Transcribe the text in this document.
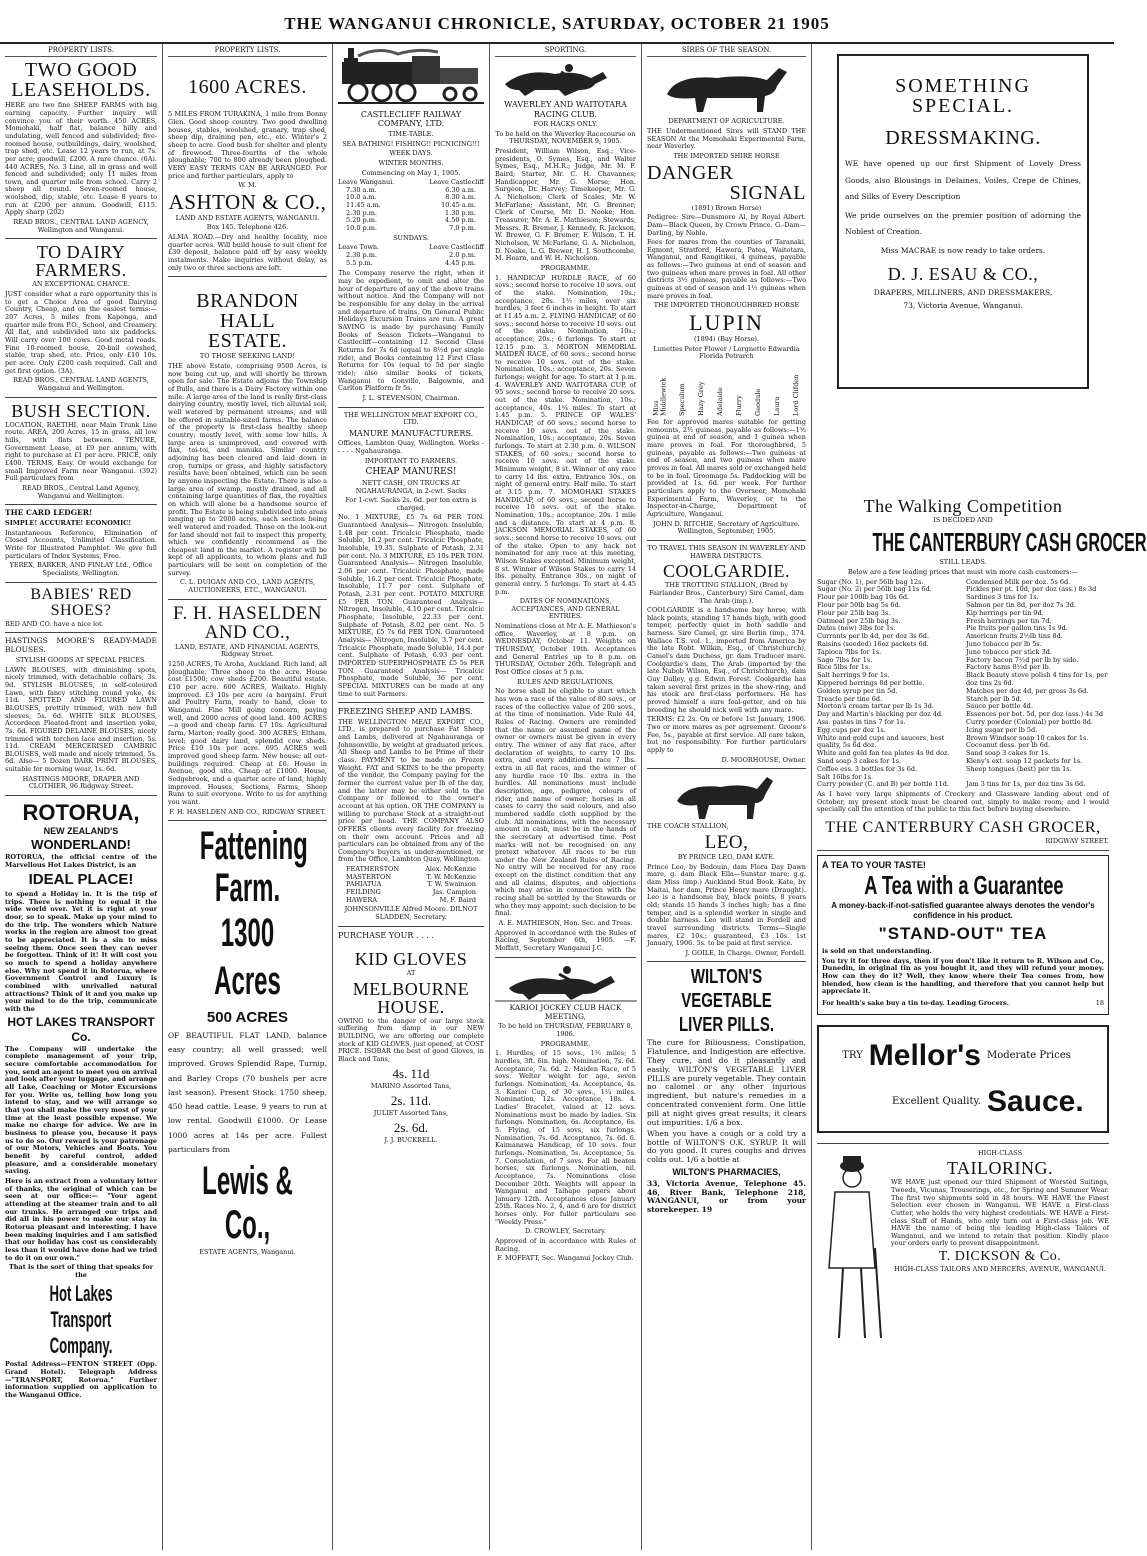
THE WANGANUI CHRONICLE, SATURDAY, OCTOBER 21 1905
PROPERTY LISTS.
TWO GOOD LEASEHOLDS.
HERE are two fine SHEEP FARMS with big earning capacity. Further inquiry will convince you of their worth. 450 ACRES, Momohaki, half flat, balance hilly and undulating, well fenced and subdivided; five-roomed house, outbuildings, dairy, woolshed, trap shed, etc. Lease 12 years to run, at 7s. per acre; goodwill, £200. A rare chance. (6A). 440 ACRES, No. 3 Line, all in grass and well fenced and subdivided; only 11 miles from town, and quarter mile from school. Carry 2 sheep all round. Seven-roomed house, woolshed, dip, stable, etc. Lease 8 years to run at £200 per annum. Goodwill, £115. Apply sharp (202)
READ BROS., CENTRAL LAND AGENCY, Wellington and Wanganui.
TO DAIRY FARMERS.
AN EXCEPTIONAL CHANCE.
JUST consider what a rare opportunity this is to get a Choice Area of good Dairying Country, Cheap, and on the easiest terms:—207 Acres, 5 miles from Kaponga, and quarter mile from P.O., School, and Creamery. All flat, and subdivided into six paddocks. Will carry over 100 cows. Good metal roads. Fine 10-roomed house, 20-bail cowshed, stable, trap shed, etc. Price, only £10 10s. per acre. Only £200 cash required. Call and get first option. (3A).
READ BROS., CENTRAL LAND AGENTS, Wanganui and Wellington.
BUSH SECTION.
LOCATION, RAETIHI, near Main Trunk Line route. AREA, 200 Acres, 15 in grass, all low hills, with flats between. TENURE, Government Lease, at £9 per annum, with right to purchase at £1 per acre. PRICE, only £400. TERMS, Easy. Or would exchange for small Improved Farm near Wanganui. (392) Full particulars from
READ BROS., Central Land Agency, Wanganui and Wellington.
THE CARD LEDGER!
SIMPLE! ACCURATE! ECONOMIC!
Instantaneous Reference, Elimination of Closed Accounts, Unlimited Classification. Write for Illustrated Pamphlet. We give full particulars of Index Systems, Free.
YEREX, BARKER, AND FINLAY Ltd., Office Specialists, Wellington.
BABIES' RED SHOES?
RED AND CO. have a nice lot.
HASTINGS MOORE'S READY-MADE BLOUSES.
STYLISH GOODS AT SPECIAL PRICES.
LAWN BLOUSES, with diminishing spots, nicely trimmed, with detachable collars, 3s. 9d. STYLISH BLOUSES, in self-coloured Lawn, with fancy stitching round yoke, 4s. 11d. SPOTTED AND FIGURED LAWN BLOUSES, prettily trimmed, with new full sleeves, 5s. 6d. WHITE SILK BLOUSES, Accordeon Pleated-front and insertion yoke, 7s. 6d. FIGURED DELAINE BLOUSES, nicely trimmed with torchon lace and insertion, 5s. 11d. CREAM MERCERISED CAMBRIC BLOUSES, well made and nicely trimmed, 5s. 6d. Also— 5 Dozen DARK PRINT BLOUSES, suitable for morning wear, 1s. 6d.
HASTINGS MOORE, DRAPER AND CLOTHIER, 96 Ridgway Street.
ROTORUA,
NEW ZEALAND'S
WONDERLAND!
ROTORUA, the official centre of the Marvellous Hot Lakes District, is an
IDEAL PLACE!
to spend a Holiday in. It is the trip of trips. There is nothing to equal it the wide world over. Yet it is right at your door, so to speak. Make up your mind to do the trip. The wonders which Nature works in the region are almost too great to be appreciated. It is a sin to miss seeing them. Once seen they can never be forgotten. Think of it! It will cost you so much to spend a holiday anywhere else. Why not spend it in Rotorua, where Government Control and Luxury is combined with unrivalled natural attractions? Think of it and you make up your mind to do the trip, communicate with the
HOT LAKES TRANSPORT Co.
The Company will undertake the complete management of your trip, secure comfortable accommodation for you, send an agent to meet you on arrival and look after your luggage, and arrange all Lake, Coaching or Motor Excursions for you. Write us, telling how long you intend to stay, and we will arrange so that you shall make the very most of your time at the least possible expense. We make no charge for advice. We are in business to please you, because it pays us to do so. Our reward is your patronage of our Motors, Vehicles and Boats. You benefit by careful control, added pleasure, and a considerable monetary saving.
Here is an extract from a voluntary letter of thanks, the original of which can be seen at our office:— "Your agent attending at the steamer train and to all our trunks. He arranged our trips and did all in his power to make our stay in Rotorua pleasant and interesting. I have been making inquiries and I am satisfied that our holiday has cost us considerably less than it would have done had we tried to do it on our own."
That is the sort of thing that speaks for the
Hot Lakes Transport
Company.
Postal Address—FENTON STREET (Opp. Grand Hotel). Telegraph Address—"TRANSPORT, Rotorua." Further information supplied on application to the Wanganui Office.
PROPERTY LISTS.
1600 ACRES.
5 MILES FROM TURAKINA, 1 mile from Bonny Glen. Good sheep country. Two good dwelling houses, stables, woolshed, granary, trap shed, sheep dip, draining pen, etc., etc. Winter's 2 sheep to acre. Good bush for shelter and plenty of firewood. Three-fourths of the whole ploughable; 700 to 800 already been ploughed. VERY EASY TERMS CAN BE ARRANGED. For price and further particulars, apply to
W. M.
ASHTON & CO.,
LAND AND ESTATE AGENTS, WANGANUI.
Box 145. Telephone 426.
ALMA ROAD.—Dry and healthy locality, nice quarter acres. Will build house to suit client for £30 deposit, balance paid off by easy weekly instalments. Make inquiries without delay, as only two or three sections are left.
BRANDON
HALL
ESTATE.
TO THOSE SEEKING LAND!
THE above Estate, comprising 9500 Acres, is now being cut up, and will shortly be thrown open for sale. The Estate adjoins the Township of Bulls, and there is a Dairy Factory within one mile. A large area of the land is really first-class dairying country, mostly level, rich alluvial soil, well watered by permanent streams, and will be offered in suitable-sized farms. The balance of the property is first-class healthy sheep country; mostly level, with some low hills. A large area is unimproved, and covered with flax, toi-toi, and manuka. Similar country adjoining has been cleared and laid down in crop, turnips or grass, and highly satisfactory results have been obtained, which can be seen by anyone inspecting the Estate. There is also a large area of swamp, mostly drained, and all containing large quantities of flax, the royalties on which will alone be a handsome source of profit. The Estate is being subdivided into areas ranging up to 2000 acres, each section being well watered and roaded. Those on the look-out for land should not fail to inspect this property, which we confidently recommend as the cheapest land in the market. A register will be kept of all applicants, to whom plans and full particulars will be sent on completion of the survey.
C. L. DUIGAN AND CO., LAND AGENTS, AUCTIONEERS, ETC., WANGANUI.
F. H. HASELDEN AND CO.,
LAND, ESTATE, AND FINANCIAL AGENTS, Ridgway Street.
1250 ACRES, Te Aroha, Auckland. Rich land, all ploughable. Three sheep to the acre. House cost £1500; cow sheds £200. Beautiful estate. £10 per acre. 600 ACRES, Waikato. Highly improved. £3 10s per acre (a bargain). Fruit and Poultry Farm, ready to hand, close to Wanganui. Fine Mill going concern, paying well, and 2000 acres of good land. 400 ACRES—a good and cheap farm. £7 10s. Agricultural farm, Marton; really good. 300 ACRES, Eltham, level; good dairy land, splendid cow sheds. Price £10 10s per acre. 695 ACRES well improved good sheep farm. New house; all out-buildings required. Cheap at £6. House in Avenue, good site. Cheap at £1000. House, Sedgebrook, and a quarter acre of land, highly improved. Houses, Sections, Farms, Sheep Runs to suit everyone. Write to us for anything you want.
F. H. HASELDEN AND CO., RIDGWAY STREET.
Fattening
Farm.
1300 Acres
500 ACRES
OF BEAUTIFUL FLAT LAND, balance easy country; all well grassed; well improved. Grows Splendid Rape, Turnip, and Barley Crops (70 bushels per acre last season). Present Stock: 1750 sheep, 450 head cattle. Lease, 9 years to run at low rental. Goodwill £1000. Or Lease 1000 acres at 14s per acre. Fullest particulars from
Lewis & Co.,
ESTATE AGENTS, Wanganui.
CASTLECLIFF RAILWAY COMPANY, LTD.
TIME-TABLE.
SEA BATHING! FISHING!! PICNICING!!!
WEEK DAYS.
WINTER MONTHS.
Commencing on May 1, 1905.
Leave Wanganui.	Leave Castlecliff
7.30 a.m.	6.30 a.m.
10.0 a.m.	8.30 a.m.
11.45 a.m.	10.45 a.m.
2.30 p.m.	1.30 p.m.
5.20 p.m.	4.50 p.m.
10.0 p.m.	7.0 p.m.
SUNDAYS.
Leave Town.	Leave Castlecliff
2.30 p.m.	2.0 p.m.
5.5 p.m.	4.45 p.m.
The Company reserve the right, when it may be expedient, to omit and alter the hour of departure of any of the above trains without notice. And the Company will not be responsible for any delay in the arrival and departure of trains. On General Public Holidays Excursion Trains are run. A great SAVING is made by purchasing Family Books of Season Tickets—Wanganui to Castlecliff—containing 12 Second Class Returns for 7s 6d (equal to 8½d per single ride), and Books containing 12 First Class Returns for 10s (equal to 5d per single ride); also similar books of tickets, Wanganui to Gonville, Balgownie, and Carlton Platform fr 5s.
J. L. STEVENSON, Chairman.
THE WELLINGTON MEAT EXPORT CO., LTD.
MANURE MANUFACTURERS.
Offices, Lambton Quay, Wellington. Works - - - - - Ngahauranga.
IMPORTANT TO FARMERS.
CHEAP MANURES!
NETT CASH, ON TRUCKS AT NGAHAURANGA, in 2-cwt. Sacks
For 1-cwt. Sacks 2s. 6d. per ton extra is charged.
No. 1 MIXTURE, £5 7s 6d PER TON. Guaranteed Analysis— Nitrogen Insoluble, 1.48 per cent. Tricalcic Phosphate, made Soluble, 16.2 per cent. Tricalcic Phosphate, Insoluble, 19.35. Sulphate of Potash, 2.31 per cent. No. 3 MIXTURE, £5 10s PER TON. Guaranteed Analysis— Nitrogen Insoluble, 2.06 per cent. Tricalcic Phosphate, made Soluble, 16.2 per cent. Tricalcic Phosphate, Insoluble, 11.7 per cent. Sulphate of Potash, 2.31 per cent. POTATO MIXTURE £5 PER TON. Guaranteed Analysis— Nitrogen, Insoluble, 4.10 per cent. Tricalcic Phosphate, Insoluble, 22.33 per cent. Sulphate of Potash, 8.02 per cent. No. 5 MIXTURE, £5 7s 6d PER TON. Guaranteed Analysis— Nitrogen, Insoluble, 3.7 per cent. Tricalcic Phosphate, made Soluble, 14.4 per cent. Sulphate of Potash, 6.93 per cent. IMPORTED SUPERPHOSPHATE £5 5s PER TON. Guaranteed Analysis— Tricalcic Phosphate, made Soluble, 36 per cent. SPECIAL MIXTURES can be made at any time to suit Farmers.
FREEZING SHEEP AND LAMBS.
THE WELLINGTON MEAT EXPORT CO., LTD., is prepared to purchase Fat Sheep and Lambs, delivered at Ngahauranga or Johnsonville, by weight at graduated prices. All Sheep and Lambs to be Prime of their class. PAYMENT to be made on Frozen Weight. FAT and SKINS to be the property of the vendor, the Company paying for the former the current value per lb of the day, and the latter may be either sold to the Company or followed to the owner's account at his option. OR THE COMPANY is willing to purchase Stock at a straight-out price per head. THE COMPANY ALSO OFFERS clients every facility for freezing on their own account. Prices and all particulars can be obtained from any of the Company's buyers as under-mentioned, or from the Office, Lambton Quay, Wellington.
FEATHERSTON	Alex. McKenzie
MASTERTON	T. W. McKenzie
PAHIATUA	T. W. Swainson
FEILDING	Jas. Campion
HAWERA	M. F. Baird
JOHNSONVILLE Alfred Moore. DILNOT SLADDEN, Secretary.
PURCHASE YOUR . . . .
KID GLOVES
AT
MELBOURNE
HOUSE.
OWING to the danger of our large stock suffering from damp in our NEW BUILDING, we are offering our complete stock of KID GLOVES, just opened, at COST PRICE. ISOBAR the best of good Gloves, in Black and Tans,
4s. 11d
MARINO Assorted Tans,
2s. 11d.
JULIET Assorted Tans,
2s. 6d.
J. J. BUCKRELL.
SPORTING.
WAVERLEY AND WAITOTARA RACING CLUB.
FOR HACKS ONLY.
To be held on the Waverley Racecourse on THURSDAY, NOVEMBER 9, 1905.
President, William Wilson, Esq.; Vice-presidents, O. Symes, Esq., and Walter Symes, Esq., M.H.R.; Judge, Mr. M. F. Baird; Starter, Mr. C. H. Chavannes; Handicapper, Mr. G. Morse; Hon. Surgeon, Dr. Harvey; Timekeeper, Mr. G. A. Nicholson; Clerk of Scales, Mr. W. McFarlane; Assistant, Mr. G. Brenner; Clerk of Course, Mr. D. Nooke; Hon. Treasurer, Mr. A. E. Mathieson; Stewards, Messrs. R. Bremer, J. Kennedy, R. Jackson, W. Brewer, G. F. Bremer, F. Wilson, T. H. Nicholson, W. McFarlane, G. A. Nicholson, D. Noake, L. G. Brewer, H. J. Southcombe, M. Hearn, and W. H. Nicholson.
PROGRAMME.
1. HANDICAP HURDLE RACE, of 60 sovs.; second horse to receive 10 sovs. out of the stake. Nomination, 10s.; acceptance, 20s. 1½ miles, over six hurdles, 3 feet 6 inches in height. To start at 11.45 a.m. 2. FLYING HANDICAP, of 60 sovs.; second horse to receive 10 sovs. out of the stake. Nomination, 10s.; acceptance, 20s.; 6 furlongs. To start at 12.15 p.m. 3. MORTON MEMORIAL MAIDEN RACE, of 60 sovs.; second horse to receive 10 sovs. out of the stake. Nomination, 10s.; acceptance, 20s. Seven furlongs; weight for age. To start at 1 p.m. 4. WAVERLEY AND WAITOTARA CUP, of 95 sovs.; second horse to receive 20 sovs. out of the stake. Nomination, 10s.; acceptance, 40s. 1¼ miles. To start at 1.45 p.m. 5. PRINCE OF WALES' HANDICAP, of 60 sovs.; second horse to receive 10 sovs. out of the stake. Nomination, 10s.; acceptance, 20s. Seven furlongs. To start at 2.30 p.m. 6. WILSON STAKES, of 60 sovs.; second horse to receive 10 sovs. out of the stake. Minimum weight, 8 st. Winner of any race to carry 14 lbs. extra. Entrance 30s., on night of general entry. Half mile. To start at 3.15 p.m. 7. MOMOHAKI STAKES HANDICAP, of 60 sovs.; second horse to receive 10 sovs. out of the stake. Nomination, 10s.; acceptance, 20s. 1 mile and a distance. To start at 4 p.m. 8. JACKSON MEMORIAL STAKES, of 60 sovs.; second horse to receive 10 sovs. out of the stake. Open to any hack not nominated for any race at this meeting, Wilson Stakes excepted. Minimum weight, 8 st. Winner of Wilson Stakes to carry 14 lbs. penalty. Entrance 30s., on night of general entry. 5 furlongs. To start at 4.45 p.m.
DATES OF NOMINATIONS, ACCEPTANCES, AND GENERAL ENTRIES.
Nominations close at Mr A. E. Mathieson's office, Waverley, at 8 p.m. on WEDNESDAY, October 11. Weights on THURSDAY, October 19th. Acceptances and General Entries up to 8 p.m. on THURSDAY, October 26th. Telegraph and Post Office closes at 5 p.m.
RULES AND REGULATIONS.
No horse shall be eligible to start which has won a race of the value of 80 sovs., or races of the collective value of 200 sovs., at the time of nomination. Vide Rule 44, Rules of Racing. Owners are reminded that the name or assumed name of the owner or owners must be given in every entry. The winner of any flat race, after declaration of weights, to carry 10 lbs. extra, and every additional race 7 lbs. extra in all flat races, and the winner of any hurdle race 10 lbs. extra in the hurdles. All nominations must include description, age, pedigree, colours of rider, and name of owner; horses in all cases to carry the said colours, and also numbered saddle cloth supplied by the club. All nominations, with the necessary amount in cash, must be in the hands of the secretary at advertised time. Post marks will not be recognised on any pretext whatever. All races to be run under the New Zealand Rules of Racing. No entry will be received for any race except on the distinct condition that any and all claims, disputes, and objections which may arise in connection with the racing shall be settled by the Stewards or who they may appoint; such decision to be final.
A. E. MATHIESON, Hon. Sec. and Treas.
Approved in accordance with the Rules of Racing, September 6th, 1905. —F. Moffatt, Secretary Wanganui J.C.
KARIOI JOCKEY CLUB HACK MEETING,
To be held on THURSDAY, FEBRUARY 8, 1906.
PROGRAMME.
1. Hurdles, of 15 sovs., 1½ miles; 5 hurdles, 3ft. 6in. high. Nomination, 7s. 6d. Acceptance, 7s. 6d. 2. Maiden Race, of 5 sovs. Welter weight for age, seven furlongs. Nomination, 4s. Acceptance, 4s. 3. Karioi Cup, of 30 sovs., 1¼ miles. Nomination, 12s. Acceptance, 18s. 4. Ladies' Bracelet, valued at 12 sovs. Nominations must be made by ladies. Six furlongs. Nomination, 6s. Acceptance, 6s. 5. Flying, of 15 sovs, six furlongs. Nomination, 7s. 6d. Acceptance, 7s. 6d. 6. Kaimanawa Handicap, of 10 sovs. four furlongs. Nomination, 5s. Acceptance, 5s. 7. Consolation, of 7 sovs. For all beaten horses, six furlongs. Nomination, nil. Acceptance, 7s. Nominations close December 20th. Weights will appear in Wanganui and Taihape papers about January 12th. Acceptances close January 25th. Races No. 2, 4, and 6 are for district horses only. For fuller particulars see "Weekly Press."
D. CROWLEY, Secretary.
Approved of in accordance with Rules of Racing.
F. MOFFATT, Sec. Wanganui Jockey Club.
SIRES OF THE SEASON.
DEPARTMENT OF AGRICULTURE.
THE Undermentioned Sires will STAND THE SEASON At the Momohaki Experimental Farm, near Waverley.
THE IMPORTED SHIRE HORSE
DANGER
SIGNAL
(1891) Brown Horse)
Pedigree: Sire—Dunsmore Al, by Royal Albert. Dam—Black Queen, by Crown Prince. G.-Dam—Darling, by Noble.
Fees for mares from the counties of Taranaki, Egmont, Stratford, Hawera, Patea, Waitotara, Wanganui, and Rangitikei, 4 guineas, payable as follows:—Two guineas at end of season and two guineas when mare proves in foal. All other districts 3½ guineas, payable as follows:—Two guineas at end of season and 1½ guineas when mare proves in foal.
THE IMPORTED THOROUGHBRED HORSE
LUPIN
(1894) (Bay Horse).
Lunettes Peter Flower / Lorgnette Edwardia Florida Petrarch
Miss Middlewick Speculum Hazy Grey Adelaide Flurry Geodule Laura Lord Clifden
Fee for approved mares suitable for getting remounts, 2½ guineas, payable as follows:—1½ guinea at end of season, and 1 guinea when mare proves in foal. For thoroughbred, 5 guineas, payable as follows:—Two guineas at end of season, and two guineas when mare proves in foal. All mares sold or exchanged held to be in foal. Groomage 5s. Paddocking will be provided at 1s. 6d. per week. For further particulars apply to the Overseer, Momohaki Experimental Farm, Waverley, or to the Inspector-in-Charge, Department of Agriculture, Wanganui.
JOHN D. RITCHIE, Secretary of Agriculture. Wellington, September, 1905.
TO TRAVEL THIS SEASON IN WAVERLEY AND HAWERA DISTRICTS.
COOLGARDIE.
THE TROTTING STALLION, (Bred by Fairlander Bros., Canterbury) Sire Camel, dam The Arab (imp.).
COOLGARDIE is a handsome bay horse, with black points, standing 17 hands high, with good temper, perfectly quiet in both saddle and harness. Sire Camel, gr. sire Berlin (imp., 374. Wallace T.S. vol. 1., imported from America by the late Robt. Wilkin, Esq., of Christchurch), Camel's dam Duchess, gr. dam Traducer mare. Coolgardie's dam, The Arab (imported by the late Nabob Wilson, Esq., of Christchurch), dam Guy Dalley, g.g. Edwin Forest. Coolgardie has taken several first prizes in the show-ring, and his stock are first-class performers. He has proved himself a sure foal-getter, and on his breeding he should nick well with any mare.
TERMS: £2 2s. On or before 1st January, 1906. Two or more mares as per agreement. Groom's Fee, 5s., payable at first service. All care taken, but no responsibility. For further particulars apply to
D. MOORHOUSE, Owner.
THE COACH STALLION,
LEO,
BY PRINCE LEO, DAM KATE.
Prince Leo, by Bedouin, dam Flora Day Dawn mare, g. dam Black Ella—Sunstar mare; g.g. dam Miss (imp.) Auckland Stud Book. Kate, by Maitai, her dam, Prince Henry mare (Draught). Leo is a handsome bay, black points, 8 years old; stands 15 hands 3 inches high; has a fine temper, and is a splendid worker in single and double harness. Leo will stand in Fordell and travel surrounding districts. Terms—Single mares, £2 10s.; guaranteed, £3 10s. 1st January, 1906. 5s. to be paid at first service.
J. GOILE, In Charge. Owner, Fordell.
WILTON'S
VEGETABLE
LIVER PILLS.
The cure for Biliousness, Constipation, Flatulence, and Indigestion are effective. They cure, and do it pleasantly and easily. WILTON'S VEGETABLE LIVER PILLS are purely vegetable. They contain no calomel or any other injurious ingredient, but nature's remedies in a concentrated convenient form. One little pill at night gives great results; it clears out impurities. 1/6 a box.
When you have a cough or a cold try a bottle of WILTON'S O.K. SYRUP. It will do you good. It cures coughs and drives colds out. 1/6 a bottle at
WILTON'S PHARMACIES,
33, Victoria Avenue, Telephone 45. 46, River Bank, Telephone 218, WANGANUI, or from your storekeeper. 19
SOMETHING
SPECIAL.
DRESSMAKING.
WE have opened up our first Shipment of Lovely Dress Goods, also Blousings in Delaines, Voiles, Crepe de Chines, and Silks of Every Description
We pride ourselves on the premier position of adorning the Noblest of Creation.
Miss MACRAE is now ready to take orders.
D. J. ESAU & CO.,
DRAPERS, MILLINERS, AND DRESSMAKERS,
73, Victoria Avenue, Wanganui.
The Walking Competition
IS DECIDED AND
THE CANTERBURY CASH GROCER
STILL LEADS.
Below are a few leading prices that must win more cash customers:—
Sugar (No. 1), per 56lb bag 12s.
Sugar (No. 2) per 56lb bag 11s 6d.
Flour per 100lb bag 10s 6d.
Flour per 50lb bag 5s 6d.
Flour per 25lb bag 3s.
Oatmeal per 25lb bag 3s.
Dates (new) 3lbs for 1s.
Currants per lb 4d, per doz 3s 6d.
Raisins (seeded) 16oz packets 6d.
Tapioca 7lbs for 1s.
Sago 7lbs for 1s.
Rice 5lbs for 1s.
Salt herrings 9 for 1s.
Kippered herrings 8d per bottle.
Golden syrup per tin 5d.
Treacle per tine 6d.
Morton's cream tartar per lb 1s 3d.
Day and Martin's blacking per doz 4d.
Ass. pastes in tins 7 for 1s.
Egg cups per doz 1s.
White and gold cups and saucers, best quality, 5s 6d doz.
White and gold fan tea plates 4s 9d doz.
Sand soap 3 cakes for 1s.
Coffee ess. 3 bottles for 3s 6d.
Salt 16lbs for 1s.
Curry powder (C. and B) per bottle 11d.
Condensed Milk per doz. 5s 6d.
Pickles per pt. 10d, per doz (ass.) 8s 3d
Sardines 3 tins for 1s.
Salmon per tin 8d, per doz 7s 3d.
Kip herrings per tin 9d.
Fresh herrings per tin 7d.
Pie fruits per gallon tins 1s 9d.
American fruits 2½lb tins 8d.
Juno tobacco per lb 5s.
June tobacco per stick 3d.
Factory bacon 7½d per lb by side.
Factory hams 8½d per lb.
Black Beauty stove polish 4 tins for 1s, per doz tins 2s 6d.
Matches per doz 4d, per gross 3s 6d.
Starch per lb 5d.
Sauce per bottle 4d.
Essences per bot. 5d, per doz (ass.) 4s 3d
Curry powder (Colonial) per bottle 8d.
Icing sugar per lb 5d.
Brown Windsor soap 10 cakes for 1s.
Cocoanut dess. per lb 6d.
Sand soap 3 cakes for 1s.
Kleny's ext. soap 12 packets for 1s.
Sheep tongues (best) per tin 1s.

Jam 3 tins for 1s, per doz tins 3s 6d.
As I have very large shipments of Crockery and Glassware landing about end of October, my present stock must be cleared out, simply to make room; and I would specially call the attention of the public to this fact before buying elsewhere.
THE CANTERBURY CASH GROCER,
RIDGWAY STREET.
A TEA TO YOUR TASTE!
A Tea with a Guarantee
A money-back-if-not-satisfied guarantee always denotes the vendor's confidence in his product.
"STAND-OUT" TEA
is sold on that understanding.
You try it for three days, then if you don't like it return to R. Wilson and Co., Dunedin, in original tin as you bought it, and they will refund your money. How can they do it? Well, they know where their Tea comes from, how blended, how clean is the handling, and therefore that you cannot help but appreciate it.
For health's sake buy a tin to-day. Leading Grocers.	18
TRY Mellor's Moderate Prices
Excellent Quality. Sauce.
HIGH-CLASS
TAILORING.
WE HAVE just opened our third Shipment of Worsted Suitings, Tweeds, Vicunas, Trouserings, etc., for Spring and Summer Wear. The first two shipments sold in 48 hours. WE HAVE the Finest Selection ever chosen in Wanganui. WE HAVE a First-class Cutter, who holds the very highest credentials. WE HAVE a First-class Staff of Hands, who only turn out a First-class job. WE HAVE the name of being the leading High-class Tailors of Wanganui, and we intend to retain that position. Kindly place your orders early to prevent disappointment.
T. DICKSON & Co.
HIGH-CLASS TAILORS AND MERCERS, AVENUE, WANGANUI.
